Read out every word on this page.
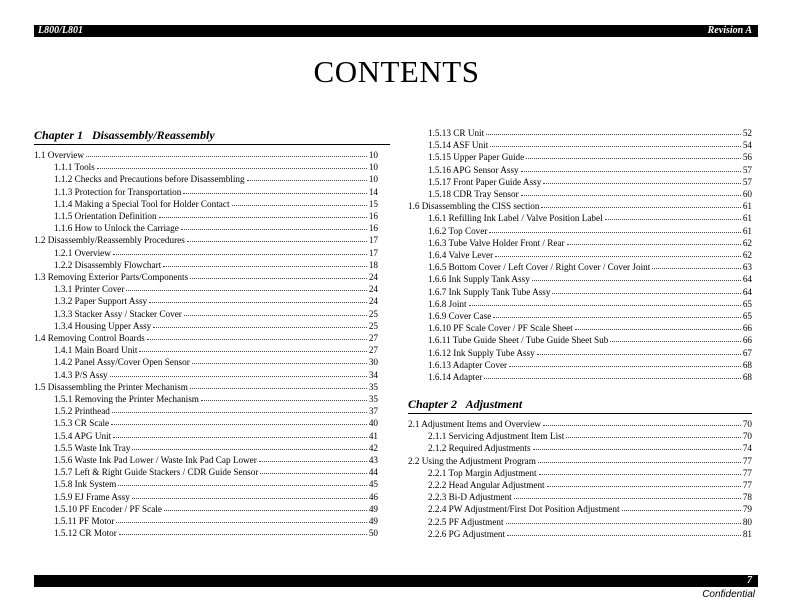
L800/L801	Revision A
CONTENTS
Chapter 1 Disassembly/Reassembly
1.1 Overview	10
1.1.1 Tools	10
1.1.2 Checks and Precautions before Disassembling	10
1.1.3 Protection for Transportation	14
1.1.4 Making a Special Tool for Holder Contact	15
1.1.5 Orientation Definition	16
1.1.6 How to Unlock the Carriage	16
1.2 Disassembly/Reassembly Procedures	17
1.2.1 Overview	17
1.2.2 Disassembly Flowchart	18
1.3 Removing Exterior Parts/Components	24
1.3.1 Printer Cover	24
1.3.2 Paper Support Assy	24
1.3.3 Stacker Assy / Stacker Cover	25
1.3.4 Housing Upper Assy	25
1.4 Removing Control Boards	27
1.4.1 Main Board Unit	27
1.4.2 Panel Assy/Cover Open Sensor	30
1.4.3 P/S Assy	34
1.5 Disassembling the Printer Mechanism	35
1.5.1 Removing the Printer Mechanism	35
1.5.2 Printhead	37
1.5.3 CR Scale	40
1.5.4 APG Unit	41
1.5.5 Waste Ink Tray	42
1.5.6 Waste Ink Pad Lower / Waste Ink Pad Cap Lower	43
1.5.7 Left & Right Guide Stackers / CDR Guide Sensor	44
1.5.8 Ink System	45
1.5.9 EJ Frame Assy	46
1.5.10 PF Encoder / PF Scale	49
1.5.11 PF Motor	49
1.5.12 CR Motor	50
1.5.13 CR Unit	52
1.5.14 ASF Unit	54
1.5.15 Upper Paper Guide	56
1.5.16 APG Sensor Assy	57
1.5.17 Front Paper Guide Assy	57
1.5.18 CDR Tray Sensor	60
1.6 Disassembling the CISS section	61
1.6.1 Refilling Ink Label / Valve Position Label	61
1.6.2 Top Cover	61
1.6.3 Tube Valve Holder Front / Rear	62
1.6.4 Valve Lever	62
1.6.5 Bottom Cover / Left Cover / Right Cover / Cover Joint	63
1.6.6 Ink Supply Tank Assy	64
1.6.7 Ink Supply Tank Tube Assy	64
1.6.8 Joint	65
1.6.9 Cover Case	65
1.6.10 PF Scale Cover / PF Scale Sheet	66
1.6.11 Tube Guide Sheet / Tube Guide Sheet Sub	66
1.6.12 Ink Supply Tube Assy	67
1.6.13 Adapter Cover	68
1.6.14 Adapter	68
Chapter 2 Adjustment
2.1 Adjustment Items and Overview	70
2.1.1 Servicing Adjustment Item List	70
2.1.2 Required Adjustments	74
2.2 Using the Adjustment Program	77
2.2.1 Top Margin Adjustment	77
2.2.2 Head Angular Adjustment	77
2.2.3 Bi-D Adjustment	78
2.2.4 PW Adjustment/First Dot Position Adjustment	79
2.2.5 PF Adjustment	80
2.2.6 PG Adjustment	81
7
Confidential
